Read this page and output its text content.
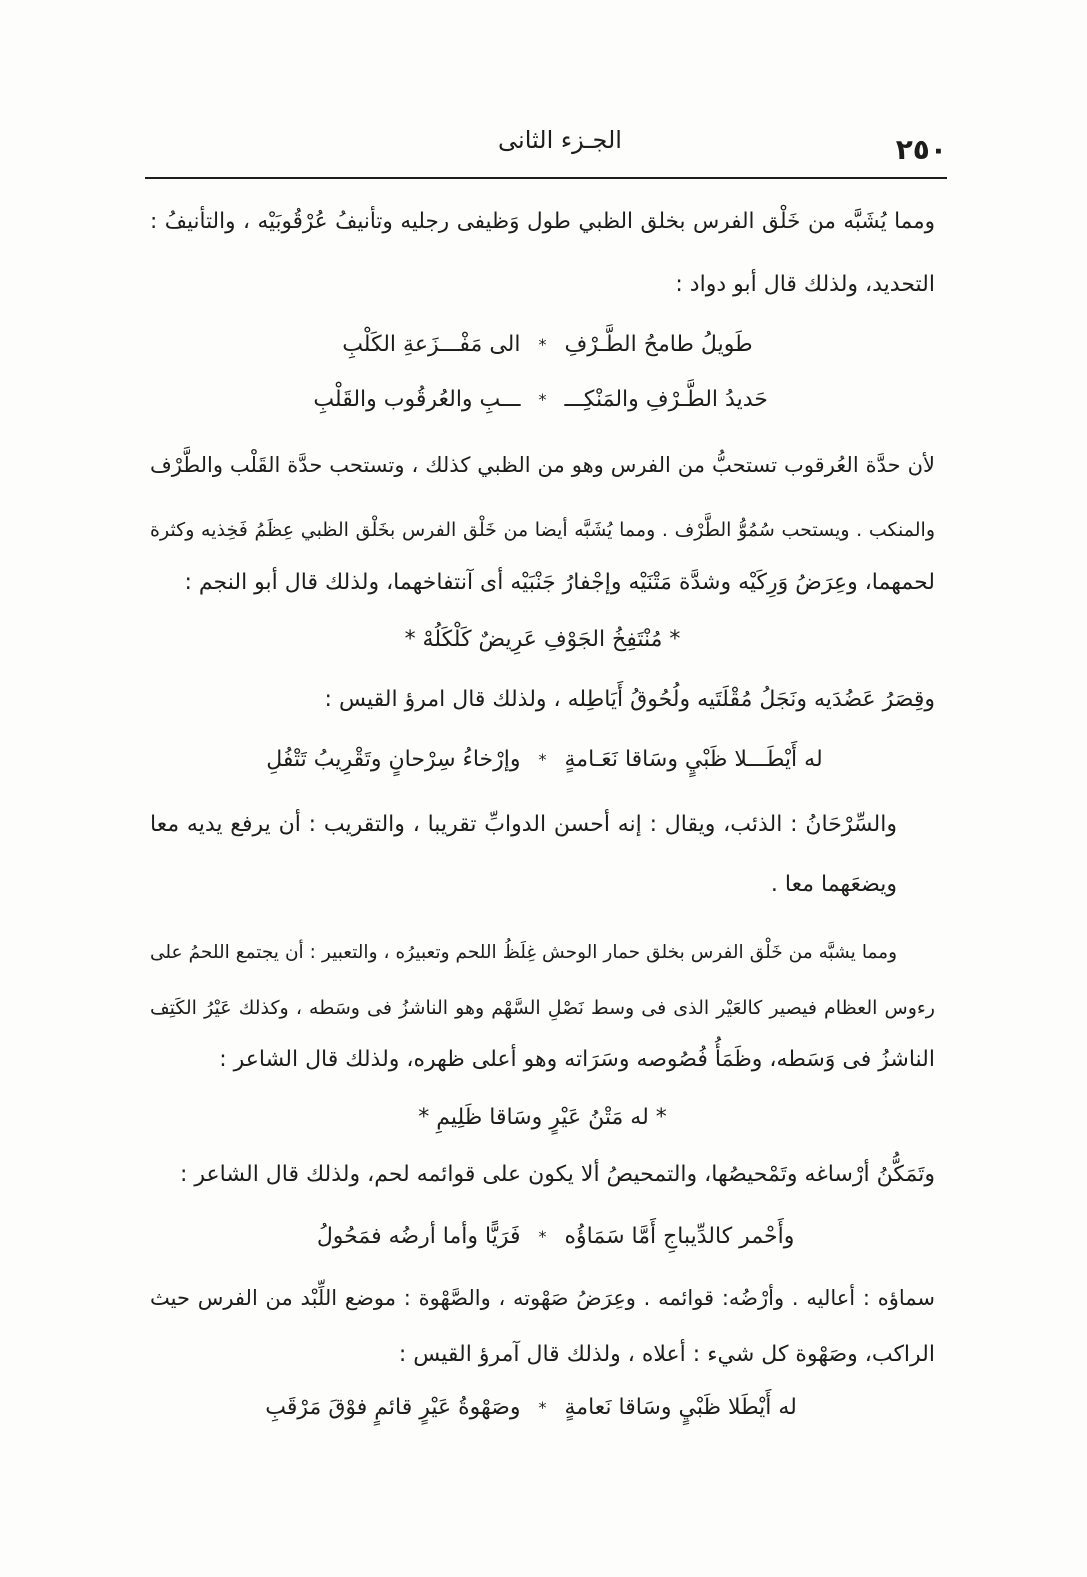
٢٥٠
الجـزء الثانى
ومما يُشَبَّه من خَلْق الفرس بخلق الظبي طول وَظيفى رجليه وتأنيفُ عُرْقُوبَيْه ، والتأنيفُ :
التحديد، ولذلك قال أبو دواد :
طَويلُ طامحُ الطَّـرْفِ
*
الى مَفْـــزَعةِ الكَلْبِ
حَديدُ الطَّـرْفِ والمَنْكِـــ
*
ـــبِ والعُرقُوب والقَلْبِ
لأن حدَّة العُرقوب تستحبُّ من الفرس وهو من الظبي كذلك ، وتستحب حدَّة القَلْب والطَّرْف
والمنكب . ويستحب سُمُوُّ الطَّرْف . ومما يُشَبَّه أيضا من خَلْق الفرس بخَلْق الظبي عِظَمُ فَخِذيه وكثرة
لحمهما، وعِرَضُ وَرِكَيْه وشدَّة مَتْنَيْه وإجْفارُ جَنْبَيْه أى آنتفاخهما، ولذلك قال أبو النجم :
* مُنْتَفِخُ الجَوْفِ عَرِيضٌ كَلْكَلُهْ *
وقِصَرُ عَضُدَيه ونَجَلُ مُقْلَتَيه ولُحُوقُ أَيَاطِله ، ولذلك قال امرؤ القيس :
له أَيْطَـــلا ظَبْيٍ وسَاقا نَعَـامةٍ
*
وإرْخاءُ سِرْحانٍ وتَقْرِيبُ تَتْفُلِ
والسِّرْحَانُ : الذئب، ويقال : إنه أحسن الدوابِّ تقريبا ، والتقريب : أن يرفع يديه معا
ويضعَهما معا .
ومما يشبَّه من خَلْق الفرس بخلق حمار الوحش غِلَظُ اللحم وتعبيرُه ، والتعبير : أن يجتمع اللحمُ على
رءوس العظام فيصير كالعَيْر الذى فى وسط نَصْلِ السَّهْم وهو الناشزُ فى وسَطه ، وكذلك عَيْرُ الكَتِف
الناشزُ فى وَسَطه، وظَمَأُ فُصُوصه وسَرَاته وهو أعلى ظهره، ولذلك قال الشاعر :
* له مَتْنُ عَيْرٍ وسَاقا ظَلِيمِ *
وتَمَكُّنُ أرْساغه وتَمْحيصُها، والتمحيصُ ألا يكون على قوائمه لحم، ولذلك قال الشاعر :
وأَحْمر كالدِّيباجِ أَمَّا سَمَاؤُه
*
فَرَيًّا وأما أرضُه فمَحُولُ
سماؤه : أعاليه . وأرْضُه: قوائمه . وعِرَضُ صَهْوته ، والصَّهْوة : موضع اللِّبْد من الفرس حيث
الراكب، وصَهْوة كل شيء : أعلاه ، ولذلك قال آمرؤ القيس :
له أَيْطَلا ظَبْيٍ وسَاقا نَعامةٍ
*
وصَهْوةُ عَيْرٍ قائمٍ فوْقَ مَرْقَبِ
